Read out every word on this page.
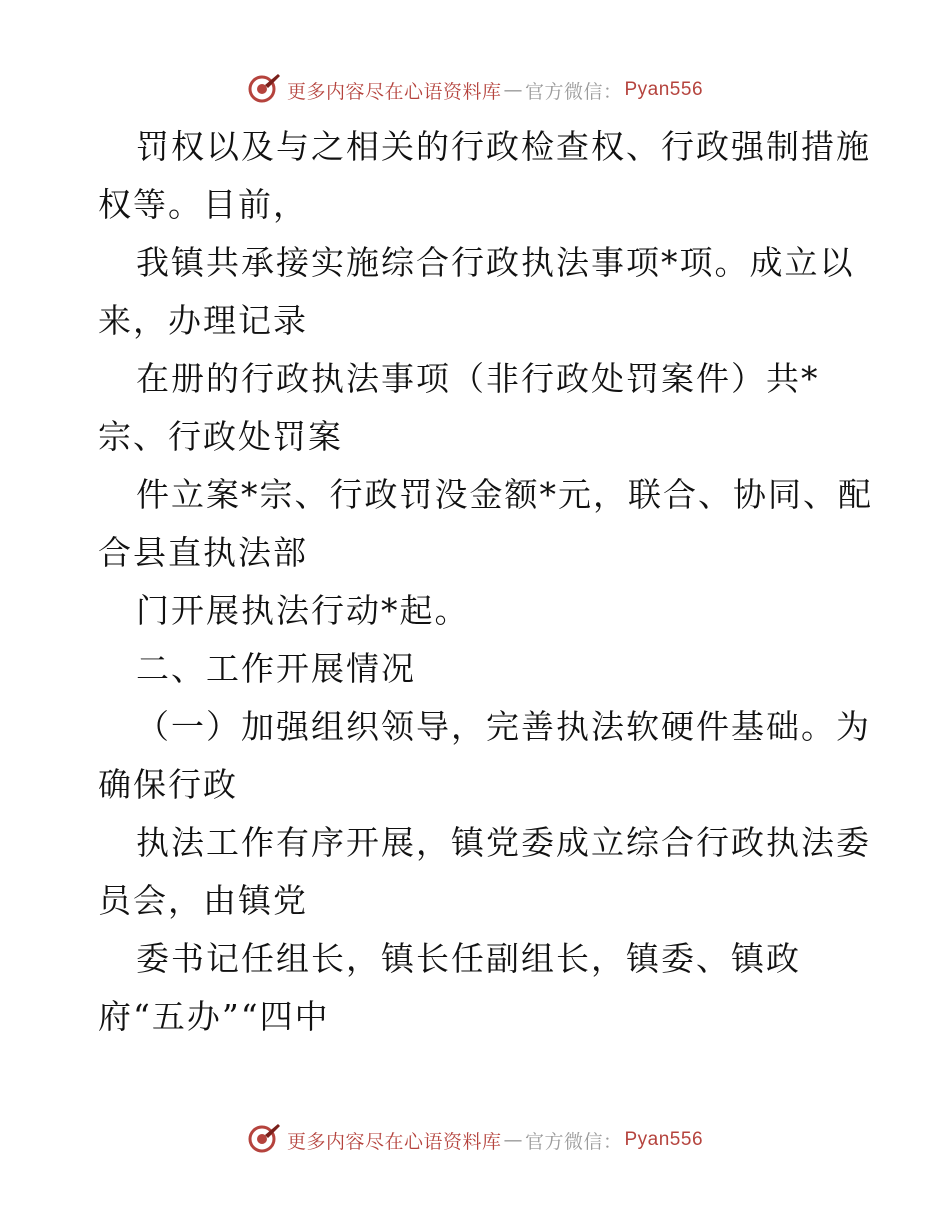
更多内容尽在心语资料库 — 官方微信： Pyan556
罚权以及与之相关的行政检查权、行政强制措施
权等。目前，
我镇共承接实施综合行政执法事项*项。成立以
来，办理记录
在册的行政执法事项（非行政处罚案件）共*
宗、行政处罚案
件立案*宗、行政罚没金额*元，联合、协同、配
合县直执法部
门开展执法行动*起。
二、工作开展情况
（一）加强组织领导，完善执法软硬件基础。为
确保行政
执法工作有序开展，镇党委成立综合行政执法委
员会，由镇党
委书记任组长，镇长任副组长，镇委、镇政
府“五办”“四中
更多内容尽在心语资料库 — 官方微信： Pyan556
